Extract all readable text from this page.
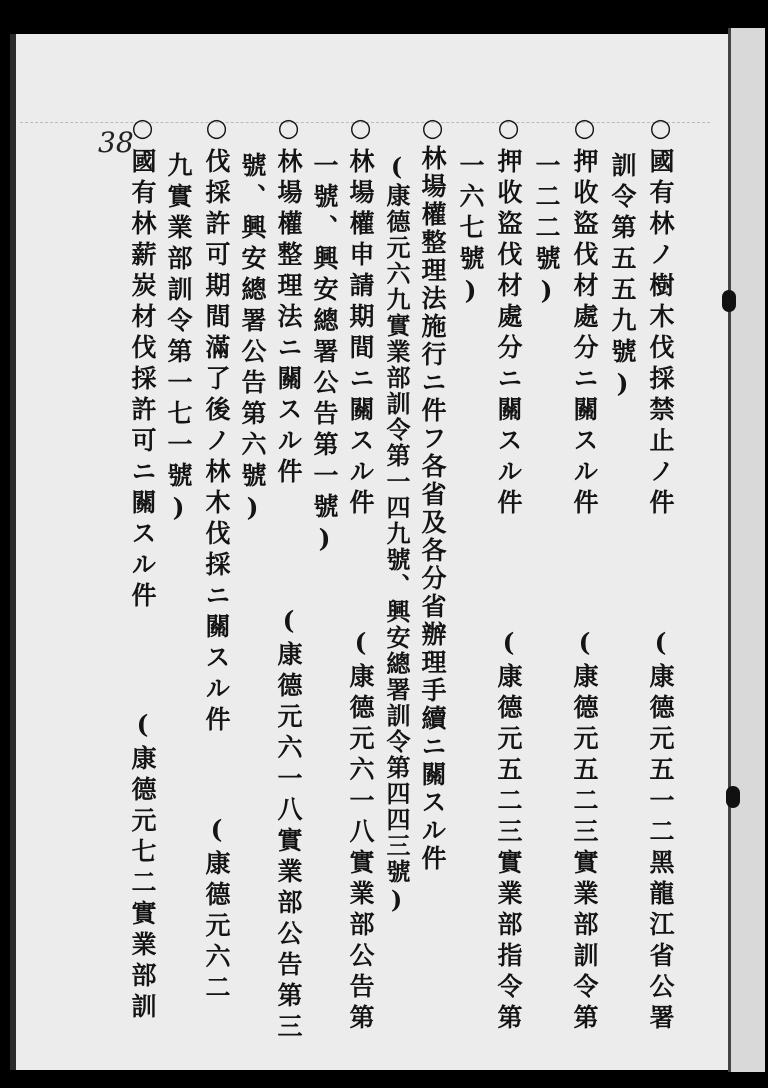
38	○國有林ノ樹木伐採禁止ノ件
(康德元五一二黑龍江省公署
訓令第五五九號)
○押收盜伐材處分ニ關スル件
(康德元五二三實業部訓令第
一二二號)
○押收盜伐材處分ニ關スル件
(康德元五二三實業部指令第
一六七號)
○林場權整理法施行ニ件フ各省及各分省辦理手續ニ關スル件
(康德元六九實業部訓令第一四九號、興安總署訓令第四四三號)
○林場權申請期間ニ關スル件
(康德元六一八實業部公告第
一號、興安總署公告第一號)
○林場權整理法ニ關スル件
(康德元六一八實業部公告第三
號、興安總署公告第六號)
○伐採許可期間滿了後ノ林木伐採ニ關スル件
(康德元六二
九實業部訓令第一七一號)
○國有林薪炭材伐採許可ニ關スル件
(康德元七二實業部訓
